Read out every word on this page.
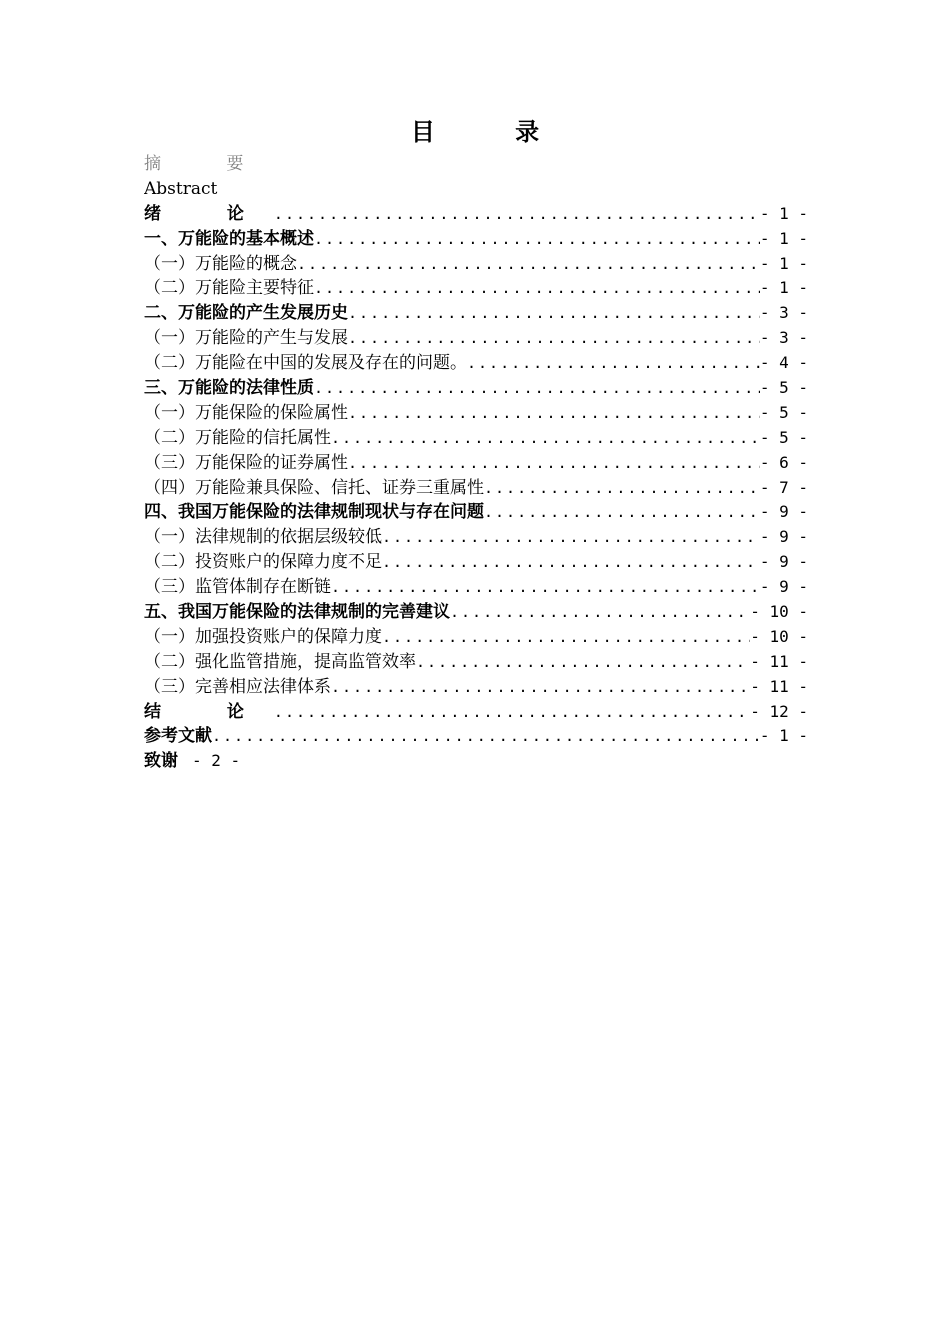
目 录
摘 要
Abstract
绪 论 .....	- 1 -
一、万能险的基本概述 .....	- 1 -
（一）万能险的概念 .....	- 1 -
（二）万能险主要特征 .....	- 1 -
二、万能险的产生发展历史 .....	- 3 -
（一）万能险的产生与发展 .....	- 3 -
（二）万能险在中国的发展及存在的问题。 .....	- 4 -
三、万能险的法律性质 .....	- 5 -
（一）万能保险的保险属性 .....	- 5 -
（二）万能险的信托属性 .....	- 5 -
（三）万能保险的证券属性 .....	- 6 -
（四）万能险兼具保险、信托、证券三重属性 .....	- 7 -
四、我国万能保险的法律规制现状与存在问题 .....	- 9 -
（一）法律规制的依据层级较低 .....	- 9 -
（二）投资账户的保障力度不足 .....	- 9 -
（三）监管体制存在断链 .....	- 9 -
五、我国万能保险的法律规制的完善建议 .....	- 10 -
（一）加强投资账户的保障力度 .....	- 10 -
（二）强化监管措施，提高监管效率 .....	- 11 -
（三）完善相应法律体系 .....	- 11 -
结 论 .....	- 12 -
参考文献 .....	- 1 -
致谢 - 2 -
